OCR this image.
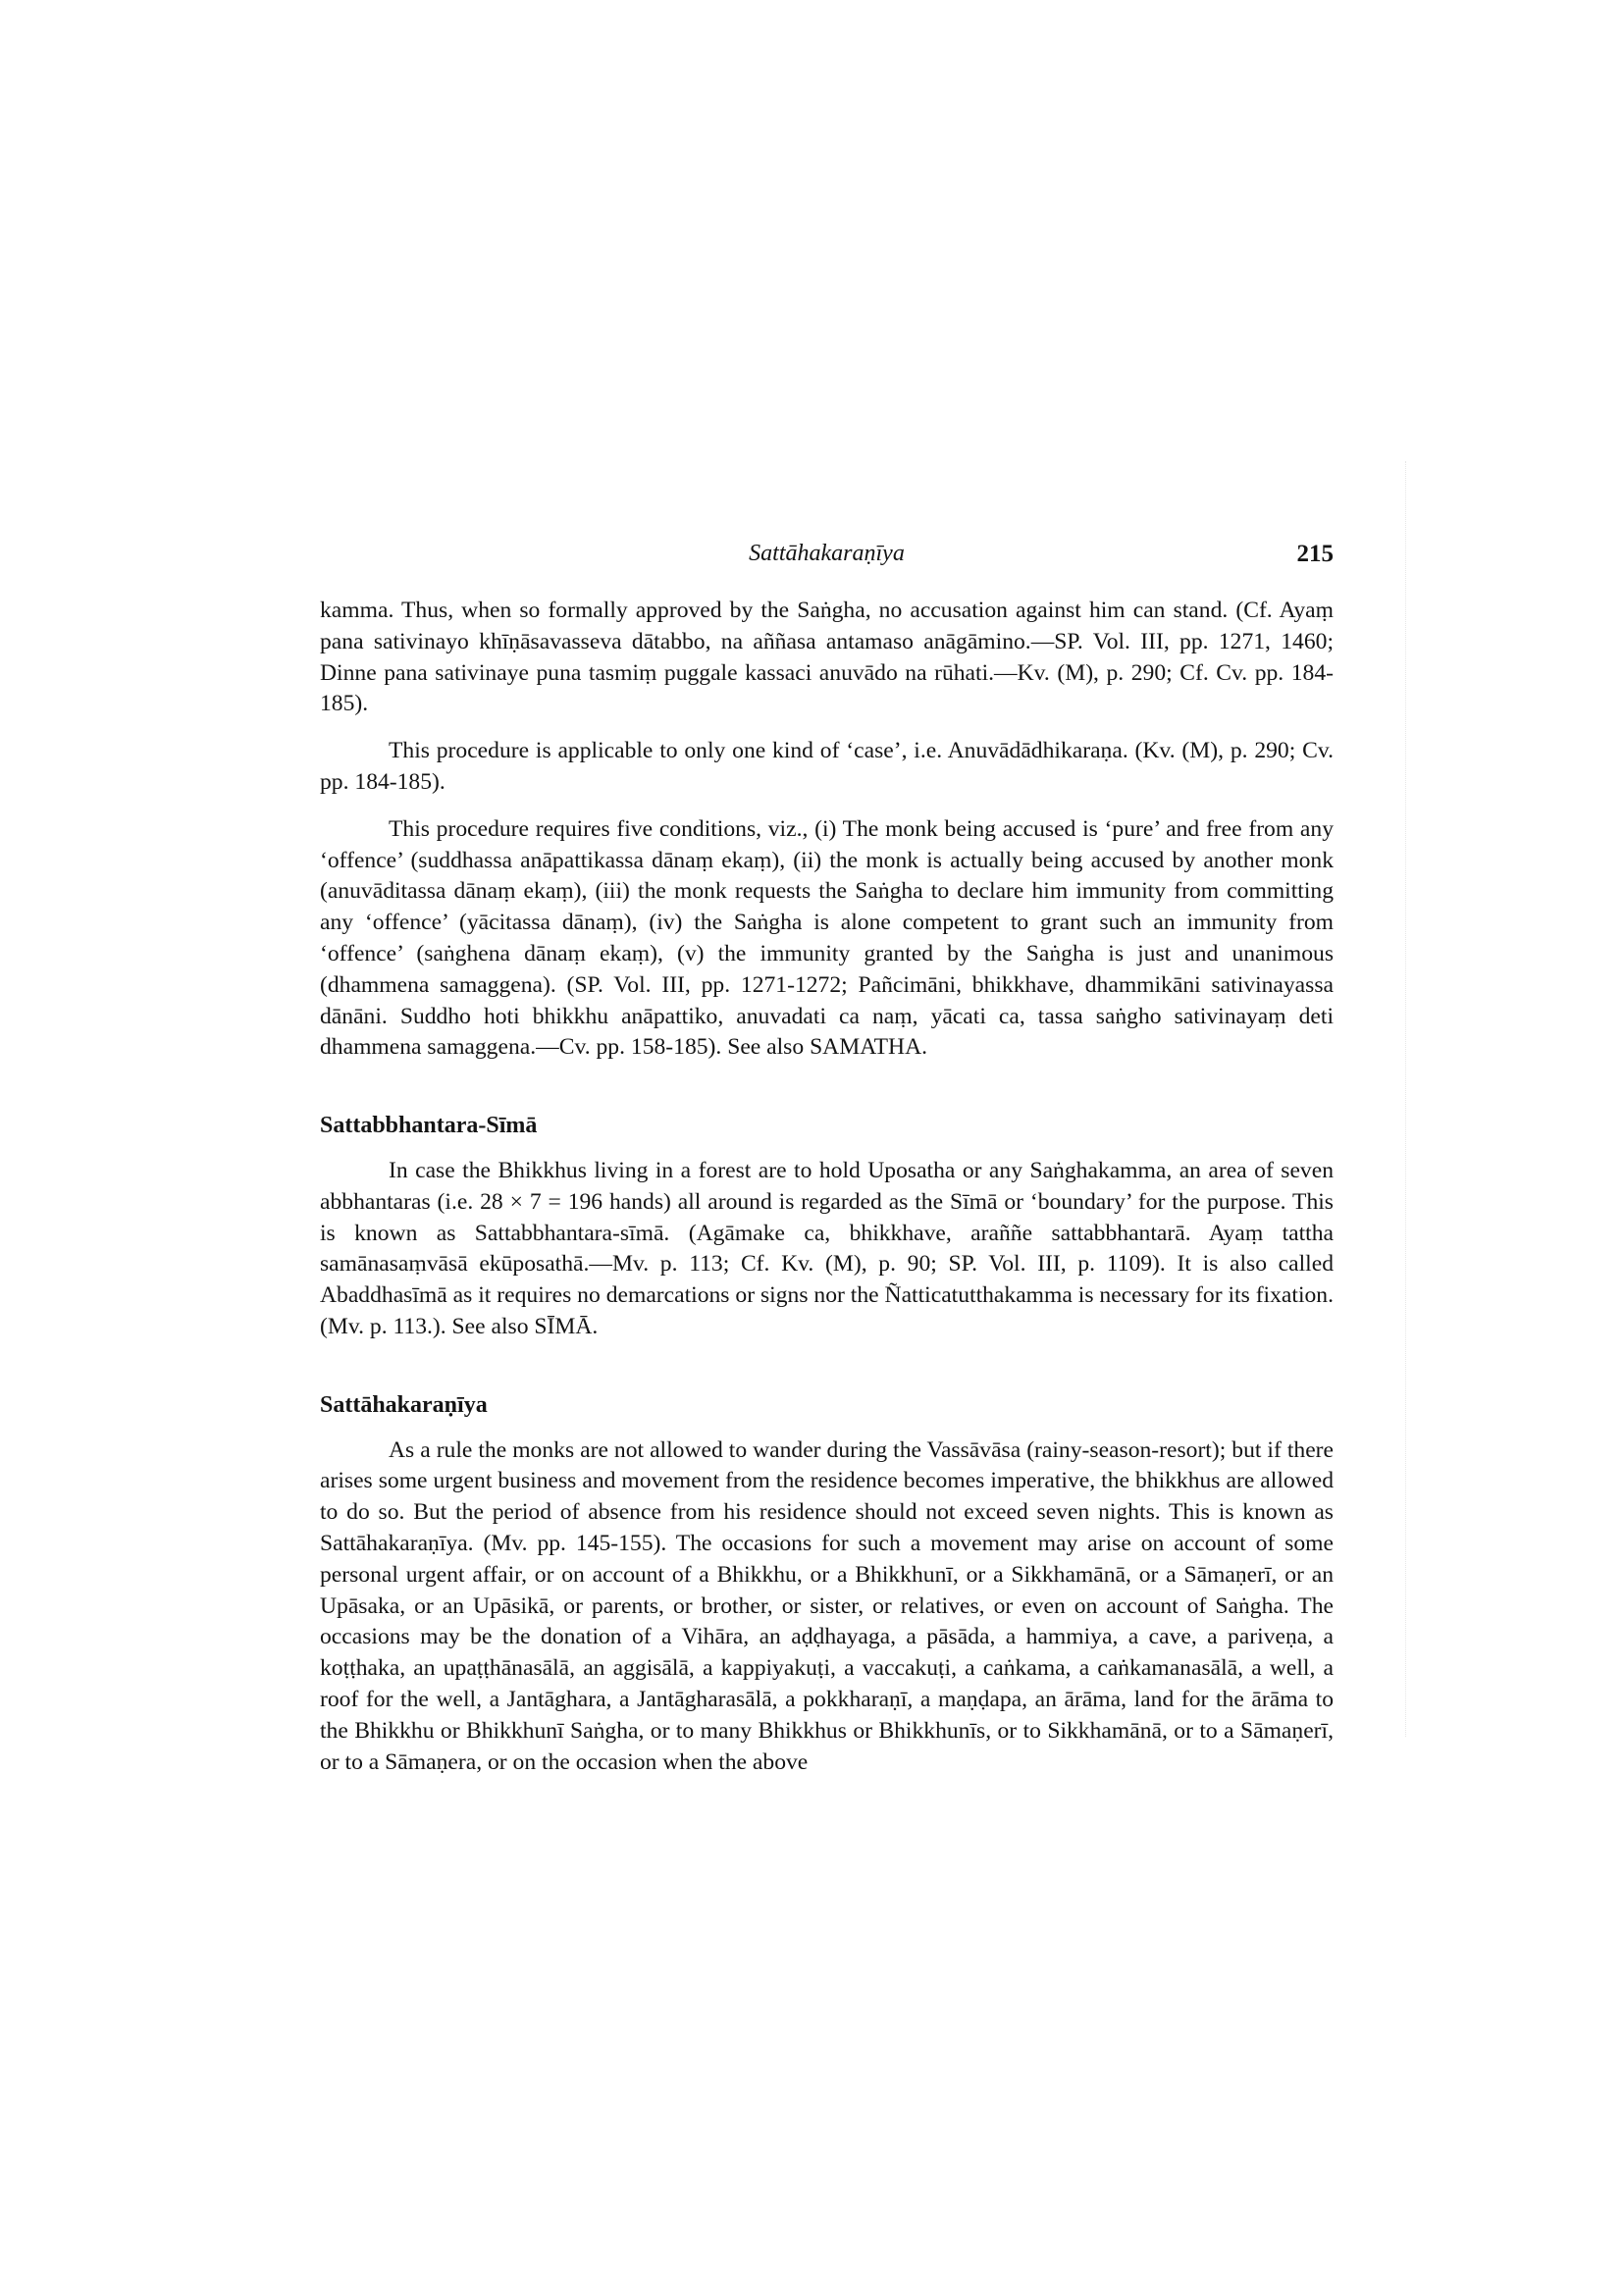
Sattāhakaraṇīya	215

kamma. Thus, when so formally approved by the Saṅgha, no accusation against him can stand. (Cf. Ayaṃ pana sativinayo khīṇāsavasseva dātabbo, na aññasa antamaso anāgāmino.—SP. Vol. III, pp. 1271, 1460; Dinne pana sativinaye puna tasmiṃ puggale kassaci anuvādo na rūhati.—Kv. (M), p. 290; Cf. Cv. pp. 184-185).

This procedure is applicable to only one kind of ‘case’, i.e. Anuvādādhikaraṇa. (Kv. (M), p. 290; Cv. pp. 184-185).

This procedure requires five conditions, viz., (i) The monk being accused is ‘pure’ and free from any ‘offence’ (suddhassa anāpattikassa dānaṃ ekaṃ), (ii) the monk is actually being accused by another monk (anuvāditassa dānaṃ ekaṃ), (iii) the monk requests the Saṅgha to declare him immunity from committing any ‘offence’ (yācitassa dānaṃ), (iv) the Saṅgha is alone competent to grant such an immunity from ‘offence’ (saṅghena dānaṃ ekaṃ), (v) the immunity granted by the Saṅgha is just and unanimous (dhammena samaggena). (SP. Vol. III, pp. 1271-1272; Pañcimāni, bhikkhave, dhammikāni sativinayassa dānāni. Suddho hoti bhikkhu anāpattiko, anuvadati ca naṃ, yācati ca, tassa saṅgho sativinayaṃ deti dhammena samaggena.—Cv. pp. 158-185). See also SAMATHA.

Sattabbhantara-Sīmā

In case the Bhikkhus living in a forest are to hold Uposatha or any Saṅghakamma, an area of seven abbhantaras (i.e. 28 × 7 = 196 hands) all around is regarded as the Sīmā or ‘boundary’ for the purpose. This is known as Sattabbhantara-sīmā. (Agāmake ca, bhikkhave, araññe sattabbhantarā. Ayaṃ tattha samānasaṃvāsā ekūposathā.—Mv. p. 113; Cf. Kv. (M), p. 90; SP. Vol. III, p. 1109). It is also called Abaddhasīmā as it requires no demarcations or signs nor the Ñatticatutthakamma is necessary for its fixation. (Mv. p. 113.). See also SĪMĀ.

Sattāhakaraṇīya

As a rule the monks are not allowed to wander during the Vassāvāsa (rainy-season-resort); but if there arises some urgent business and movement from the residence becomes imperative, the bhikkhus are allowed to do so. But the period of absence from his residence should not exceed seven nights. This is known as Sattāhakaraṇīya. (Mv. pp. 145-155). The occasions for such a movement may arise on account of some personal urgent affair, or on account of a Bhikkhu, or a Bhikkhunī, or a Sikkhamānā, or a Sāmaṇerī, or an Upāsaka, or an Upāsikā, or parents, or brother, or sister, or relatives, or even on account of Saṅgha. The occasions may be the donation of a Vihāra, an aḍḍhayaga, a pāsāda, a hammiya, a cave, a pariveṇa, a koṭṭhaka, an upaṭṭhānasālā, an aggisālā, a kappiyakuṭi, a vaccakuṭi, a caṅkama, a caṅkamanasālā, a well, a roof for the well, a Jantāghara, a Jantāgharasālā, a pokkharaṇī, a maṇḍapa, an ārāma, land for the ārāma to the Bhikkhu or Bhikkhunī Saṅgha, or to many Bhikkhus or Bhikkhunīs, or to Sikkhamānā, or to a Sāmaṇerī, or to a Sāmaṇera, or on the occasion when the above
